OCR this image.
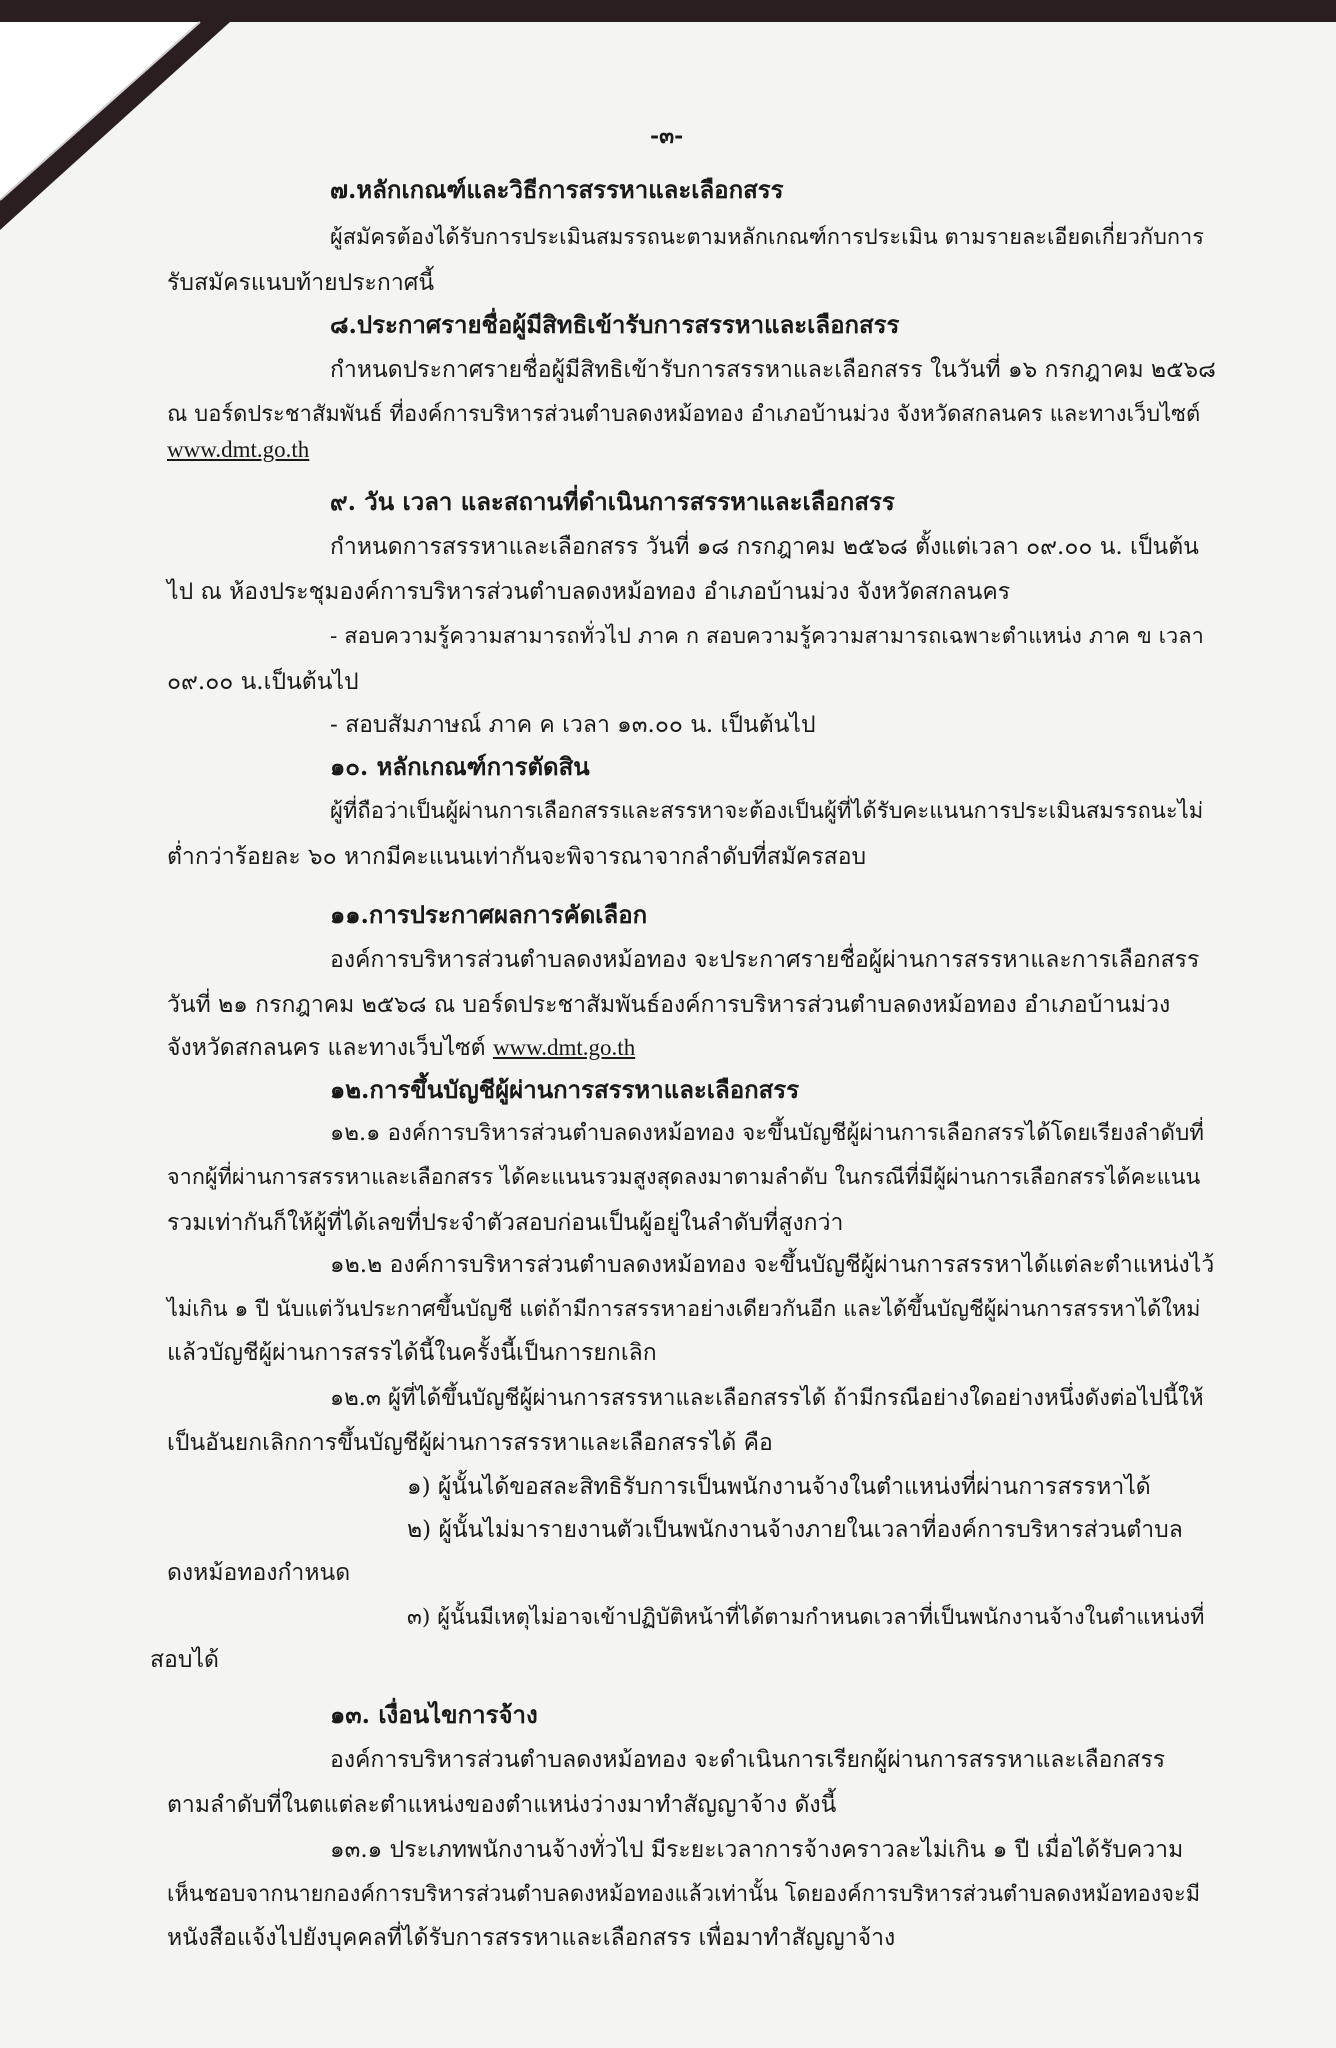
-๓-
๗.หลักเกณฑ์และวิธีการสรรหาและเลือกสรร
ผู้สมัครต้องได้รับการประเมินสมรรถนะตามหลักเกณฑ์การประเมิน ตามรายละเอียดเกี่ยวกับการ
รับสมัครแนบท้ายประกาศนี้
๘.ประกาศรายชื่อผู้มีสิทธิเข้ารับการสรรหาและเลือกสรร
กำหนดประกาศรายชื่อผู้มีสิทธิเข้ารับการสรรหาและเลือกสรร ในวันที่ ๑๖ กรกฎาคม ๒๕๖๘
ณ บอร์ดประชาสัมพันธ์ ที่องค์การบริหารส่วนตำบลดงหม้อทอง อำเภอบ้านม่วง จังหวัดสกลนคร และทางเว็บไซต์
www.dmt.go.th
๙. วัน เวลา และสถานที่ดำเนินการสรรหาและเลือกสรร
กำหนดการสรรหาและเลือกสรร วันที่ ๑๘ กรกฎาคม ๒๕๖๘ ตั้งแต่เวลา ๐๙.๐๐ น. เป็นต้น
ไป ณ ห้องประชุมองค์การบริหารส่วนตำบลดงหม้อทอง อำเภอบ้านม่วง จังหวัดสกลนคร
- สอบความรู้ความสามารถทั่วไป ภาค ก สอบความรู้ความสามารถเฉพาะตำแหน่ง ภาค ข เวลา
๐๙.๐๐ น.เป็นต้นไป
- สอบสัมภาษณ์ ภาค ค เวลา ๑๓.๐๐ น. เป็นต้นไป
๑๐. หลักเกณฑ์การตัดสิน
ผู้ที่ถือว่าเป็นผู้ผ่านการเลือกสรรและสรรหาจะต้องเป็นผู้ที่ได้รับคะแนนการประเมินสมรรถนะไม่
ต่ำกว่าร้อยละ ๖๐ หากมีคะแนนเท่ากันจะพิจารณาจากลำดับที่สมัครสอบ
๑๑.การประกาศผลการคัดเลือก
องค์การบริหารส่วนตำบลดงหม้อทอง จะประกาศรายชื่อผู้ผ่านการสรรหาและการเลือกสรร
วันที่ ๒๑ กรกฎาคม ๒๕๖๘ ณ บอร์ดประชาสัมพันธ์องค์การบริหารส่วนตำบลดงหม้อทอง อำเภอบ้านม่วง
จังหวัดสกลนคร และทางเว็บไซต์ www.dmt.go.th
๑๒.การขึ้นบัญชีผู้ผ่านการสรรหาและเลือกสรร
๑๒.๑ องค์การบริหารส่วนตำบลดงหม้อทอง จะขึ้นบัญชีผู้ผ่านการเลือกสรรได้โดยเรียงลำดับที่
จากผู้ที่ผ่านการสรรหาและเลือกสรร ได้คะแนนรวมสูงสุดลงมาตามลำดับ ในกรณีที่มีผู้ผ่านการเลือกสรรได้คะแนน
รวมเท่ากันก็ให้ผู้ที่ได้เลขที่ประจำตัวสอบก่อนเป็นผู้อยู่ในลำดับที่สูงกว่า
๑๒.๒ องค์การบริหารส่วนตำบลดงหม้อทอง จะขึ้นบัญชีผู้ผ่านการสรรหาได้แต่ละตำแหน่งไว้
ไม่เกิน ๑ ปี นับแต่วันประกาศขึ้นบัญชี แต่ถ้ามีการสรรหาอย่างเดียวกันอีก และได้ขึ้นบัญชีผู้ผ่านการสรรหาได้ใหม่
แล้วบัญชีผู้ผ่านการสรรได้นี้ในครั้งนี้เป็นการยกเลิก
๑๒.๓ ผู้ที่ได้ขึ้นบัญชีผู้ผ่านการสรรหาและเลือกสรรได้ ถ้ามีกรณีอย่างใดอย่างหนึ่งดังต่อไปนี้ให้
เป็นอันยกเลิกการขึ้นบัญชีผู้ผ่านการสรรหาและเลือกสรรได้ คือ
๑) ผู้นั้นได้ขอสละสิทธิรับการเป็นพนักงานจ้างในตำแหน่งที่ผ่านการสรรหาได้
๒) ผู้นั้นไม่มารายงานตัวเป็นพนักงานจ้างภายในเวลาที่องค์การบริหารส่วนตำบล
ดงหม้อทองกำหนด
๓) ผู้นั้นมีเหตุไม่อาจเข้าปฏิบัติหน้าที่ได้ตามกำหนดเวลาที่เป็นพนักงานจ้างในตำแหน่งที่
สอบได้
๑๓. เงื่อนไขการจ้าง
องค์การบริหารส่วนตำบลดงหม้อทอง จะดำเนินการเรียกผู้ผ่านการสรรหาและเลือกสรร
ตามลำดับที่ในตแต่ละตำแหน่งของตำแหน่งว่างมาทำสัญญาจ้าง ดังนี้
๑๓.๑ ประเภทพนักงานจ้างทั่วไป มีระยะเวลาการจ้างคราวละไม่เกิน ๑ ปี เมื่อได้รับความ
เห็นชอบจากนายกองค์การบริหารส่วนตำบลดงหม้อทองแล้วเท่านั้น โดยองค์การบริหารส่วนตำบลดงหม้อทองจะมี
หนังสือแจ้งไปยังบุคคลที่ได้รับการสรรหาและเลือกสรร เพื่อมาทำสัญญาจ้าง
